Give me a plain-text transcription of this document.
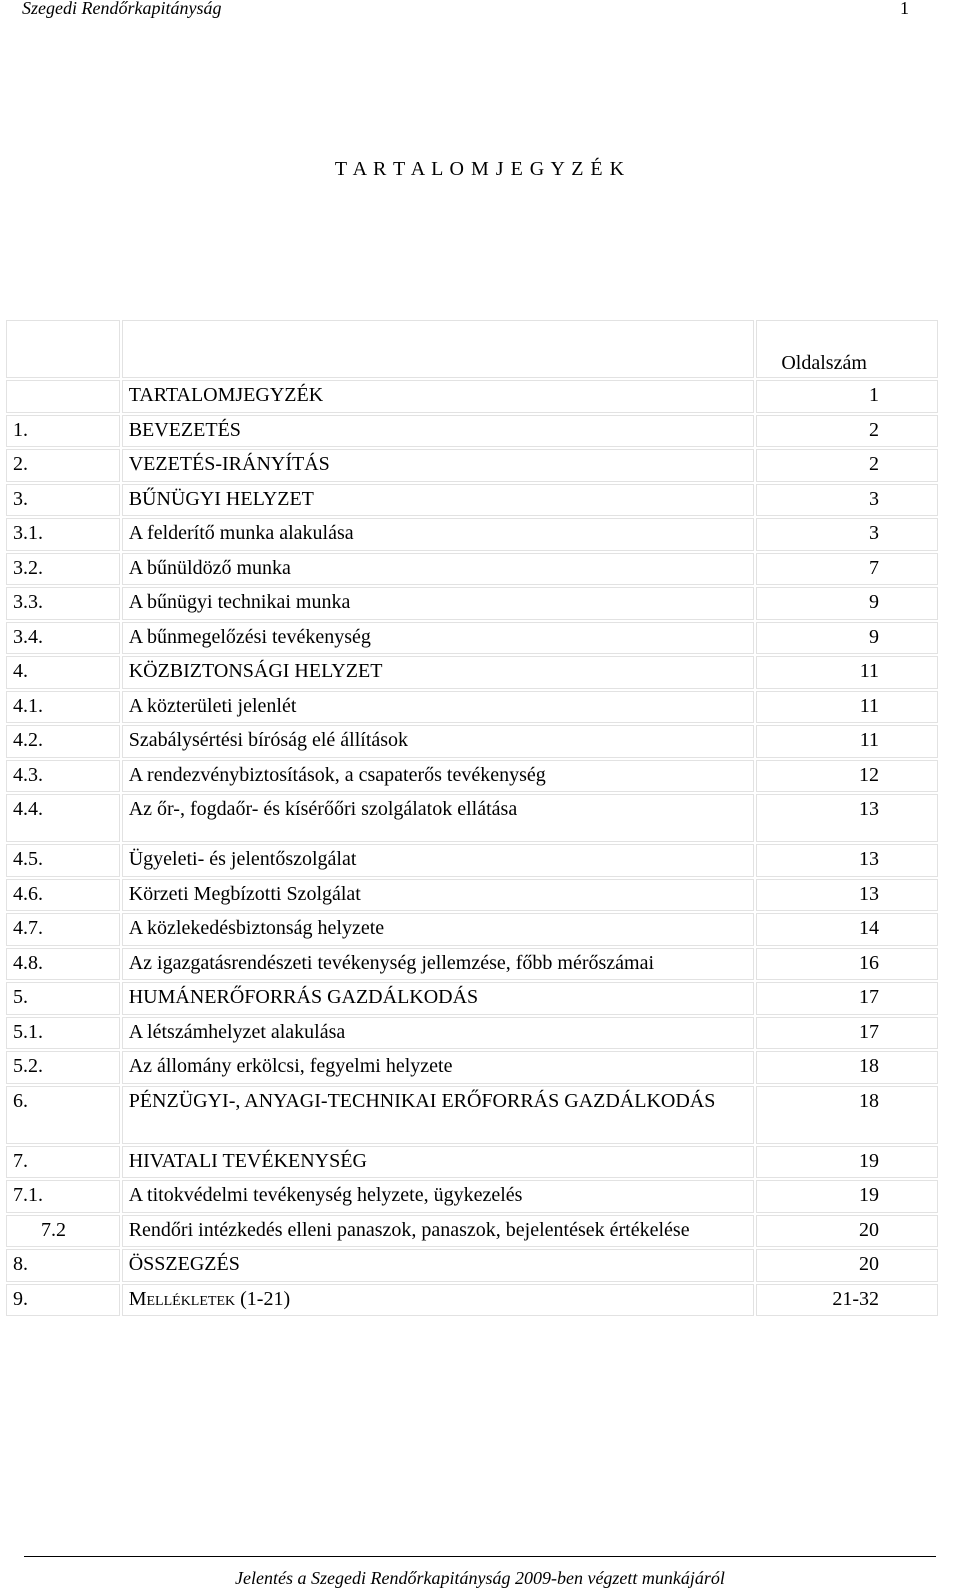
Szegedi Rendőrkapitányság	1
T A R T A L O M J E G Y Z É K
		Oldalszám
	TARTALOMJEGYZÉK	1
1.	BEVEZETÉS	2
2.	VEZETÉS-IRÁNYÍTÁS	2
3.	BŰNÜGYI HELYZET	3
3.1.	A felderítő munka alakulása	3
3.2.	A bűnüldöző munka	7
3.3.	A bűnügyi technikai munka	9
3.4.	A bűnmegelőzési tevékenység	9
4.	KÖZBIZTONSÁGI HELYZET	11
4.1.	A közterületi jelenlét	11
4.2.	Szabálysértési bíróság elé állítások	11
4.3.	A rendezvénybiztosítások, a csapaterős tevékenység	12
4.4.	Az őr-, fogdaőr- és kísérőőri szolgálatok ellátása	13
4.5.	Ügyeleti- és jelentőszolgálat	13
4.6.	Körzeti Megbízotti Szolgálat	13
4.7.	A közlekedésbiztonság helyzete	14
4.8.	Az igazgatásrendészeti tevékenység jellemzése, főbb mérőszámai	16
5.	HUMÁNERŐFORRÁS GAZDÁLKODÁS	17
5.1.	A létszámhelyzet alakulása	17
5.2.	Az állomány erkölcsi, fegyelmi helyzete	18
6.	PÉNZÜGYI-, ANYAGI-TECHNIKAI ERŐFORRÁS GAZDÁLKODÁS	18
7.	HIVATALI TEVÉKENYSÉG	19
7.1.	A titokvédelmi tevékenység helyzete, ügykezelés	19
7.2	Rendőri intézkedés elleni panaszok, panaszok, bejelentések értékelése	20
8.	ÖSSZEGZÉS	20
9.	Mellékletek (1-21)	21-32
Jelentés a Szegedi Rendőrkapitányság 2009-ben végzett munkájáról
